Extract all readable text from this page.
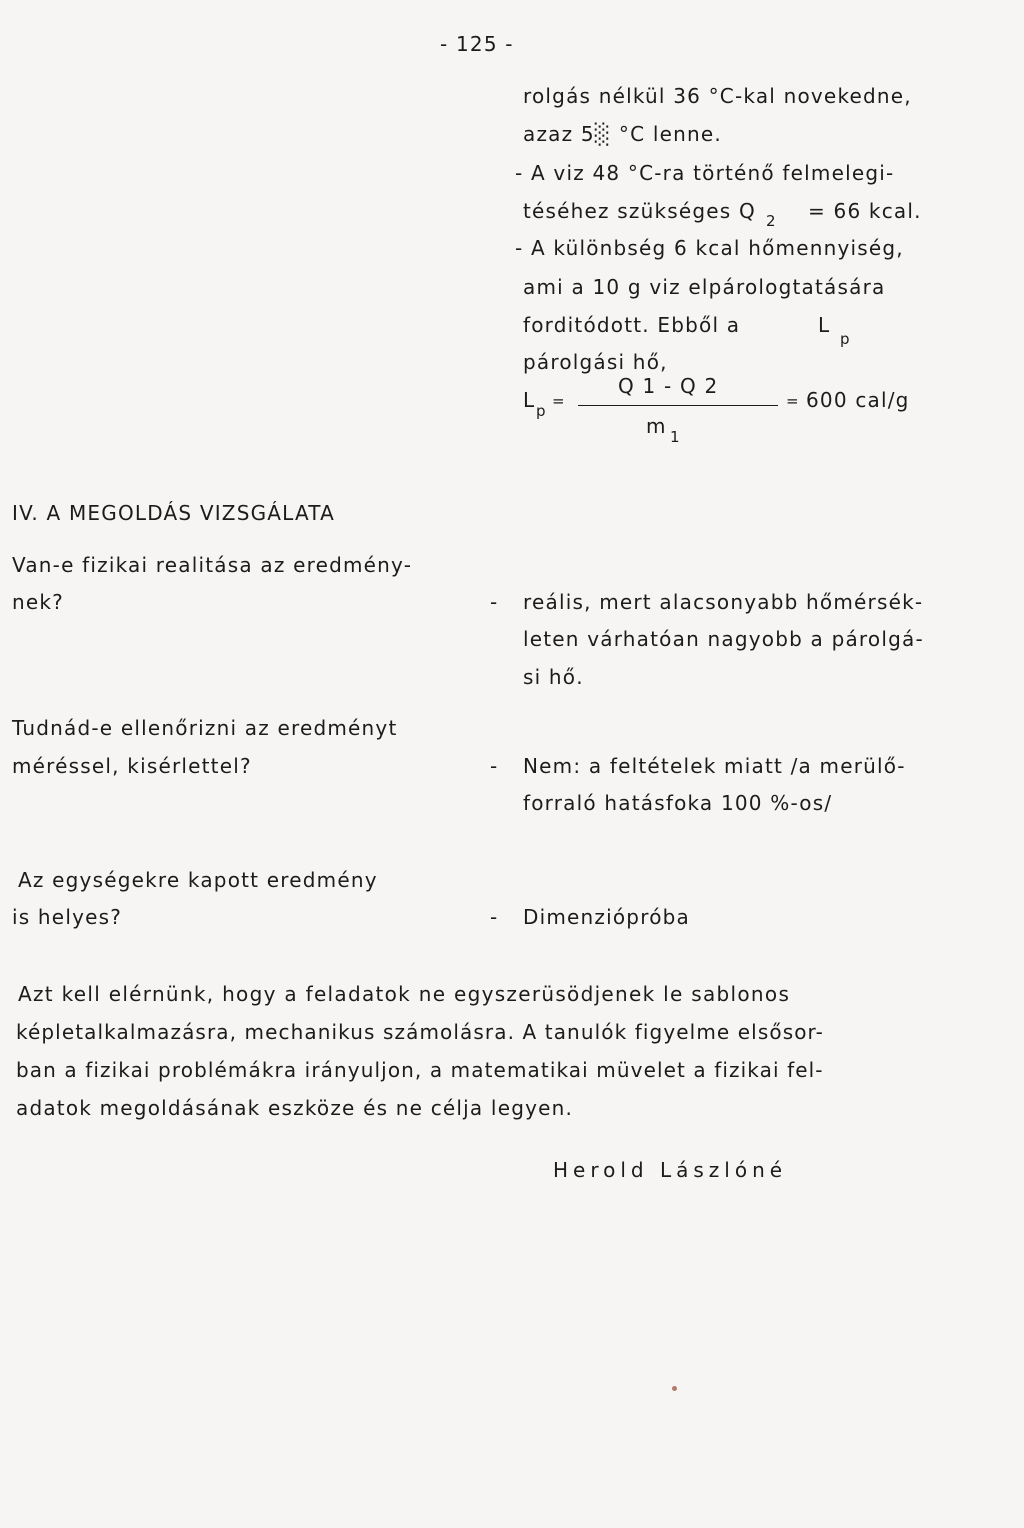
- 125 -
rolgás nélkül 36 °C-kal novekedne,
azaz 5░ °C lenne.
- A viz 48 °C-ra történő felmelegi-
téséhez szükséges Q 2 = 66 kcal.
- A különbség 6 kcal hőmennyiség,
ami a 10 g viz elpárologtatására
forditódott. Ebből a	L
p
párolgási hő,
L p
=
Q 1 - Q 2
m 1
= 600 cal/g
IV. A MEGOLDÁS VIZSGÁLATA
Van-e fizikai realitása az eredmény-
nek?	- reális, mert alacsonyabb hőmérsék-
leten várhatóan nagyobb a párolgá-
si hő.
Tudnád-e ellenőrizni az eredményt
méréssel, kisérlettel?	- Nem: a feltételek miatt /a merülő-
forraló hatásfoka 100 %-os/
Az egységekre kapott eredmény
is helyes?	- Dimenziópróba
Azt kell elérnünk, hogy a feladatok ne egyszerüsödjenek le sablonos
képletalkalmazásra, mechanikus számolásra. A tanulók figyelme elsősor-
ban a fizikai problémákra irányuljon, a matematikai müvelet a fizikai fel-
adatok megoldásának eszköze és ne célja legyen.
Herold Lászlóné
